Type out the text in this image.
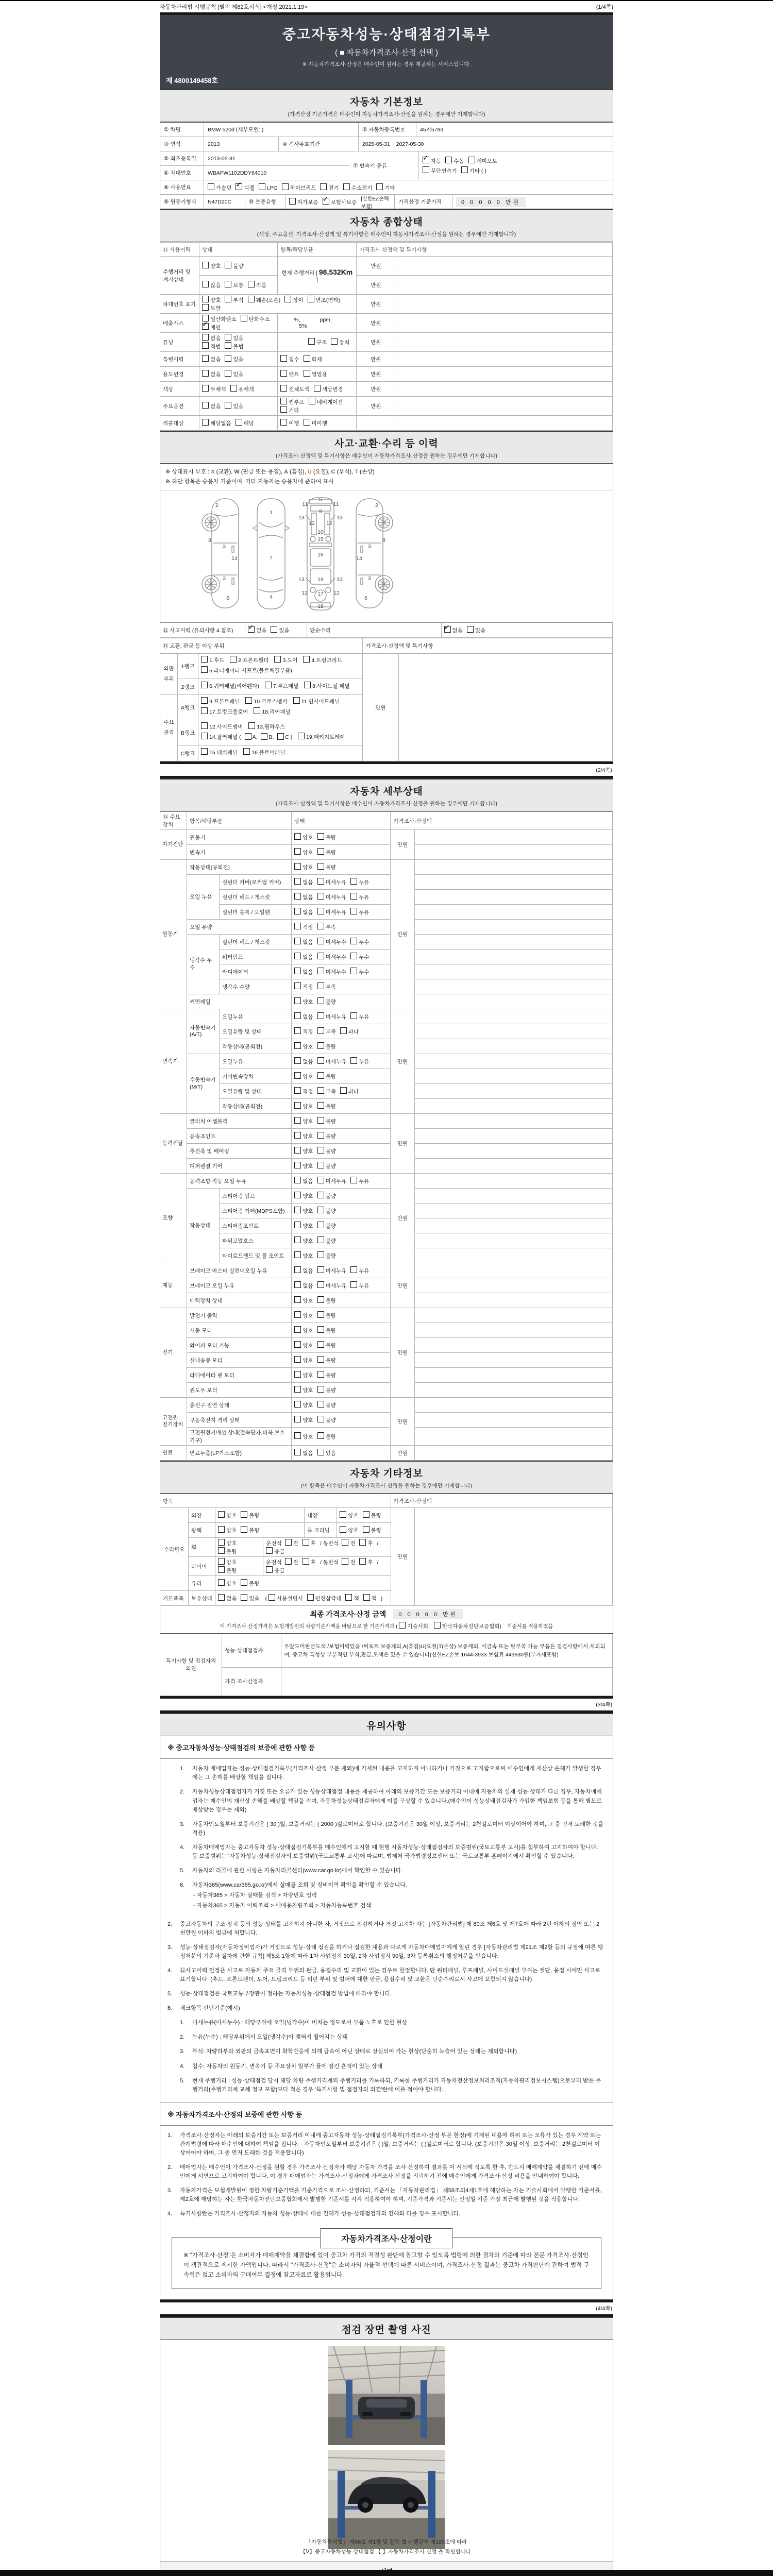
자동차관리법 시행규칙 [별지 제82호서식] <개정 2021.1.19>	(1/4쪽)
중고자동차성능·상태점검기록부
( ■ 자동차가격조사·산정 선택 )
※ 자동차가격조사·산정은 매수인이 원하는 경우 제공하는 서비스입니다.
제 4800149458호
자동차 기본정보
(가격산정 기준가격은 매수인이 자동차가격조사·산정을 원하는 경우에만 기재합니다)
① 차명	BMW 520d (세부모델: )	② 자동차등록번호	45저5783
③ 연식	2013	④ 검사유효기간	2025-05-31 ~ 2027-05-30
⑤ 최초등록일	2013-05-31
⑥ 차대번호	WBAFW1102DDY64010
⑦ 변속기 종류
✓자동 수동 세미오토
무단변속기 기타 ( )
⑧ 사용연료	가솔린 ✓	디젤	LPG	하이브리드	전기	수소전기	기타
⑨ 원동기형식	N47D20C	⑩ 보증유형	자가보증 ✓	보험사보증
[신한EZ손해보험]
가격산정 기준가격	0 0 0 0 0 만원
자동차 종합상태
(색상, 주요옵션, 가격조사·산정액 및 특기사항은 매수인이 자동차가격조사·산정을 원하는 경우에만 기재합니다)
⑪ 사용이력	상태	항목/해당부품	가격조사·산정액 및 특기사항	
주행거리 및 계기상태	양호 불량	현재 주행거리 [ 98,532Km ]	만원	
	많음 보통 적음		만원	
차대번호 표기	양호 부식 훼손(오손) 상이 변조(변타)도말		만원	
배출가스	일산화탄소 탄화수소✓매연	%, ppm,5%	만원	
튜닝	없음 있음적법 불법	구조 장치	만원	
특별이력	없음 있음	침수 화재	만원	
용도변경	없음 있음	렌트 영업용	만원	
색상	무채색 유채색	전체도색 색상변경	만원	
주요옵션	없음 있음	썬루프 네비게이션기타	만원	
리콜대상	해당없음 해당	이행 미이행		
사고·교환·수리 등 이력
(가격조사·산정액 및 특기사항은 매수인이 자동차가격조사·산정을 원하는 경우에만 기재합니다)
※ 상태표시 부호 : X (교환), W (판금 또는 용접), A (흠집), U (요철), C (부식), T (손상)
※ 하단 항목은 승용차 기준이며, 기타 자동차는 승용차에 준하여 표시
2
8
3
14
3
6
1
7
4
5
11	11
9
13	13
12 12
10
15
16
13 19 13
12 17 12
18
2
8
3
14
3
6
⑫ 사고이력 (유의사항 4.참조)	✓없음 있음	단순수리	✓없음 있음
⑬ 교환, 판금 등 이상 부위	가격조사·산정액 및 특기사항
외판부위	1랭크	1.후드 2.프론트휀더 3.도어 4.트렁크리드 5.라디에이터 서포트(볼트체결부품)	만원	
	2랭크	6.쿼터패널(리어휀다) 7.루프패널 8.사이드실 패널		
주요골격	A랭크	9.프론트패널 10.크로스멤버 11.인사이드패널 17.트렁크플로어 18.리어패널		
	B랭크	12.사이드멤버 13.휠하우스 14.필러패널 ( A, B, C ) 19.패키지트레이		
	C랭크	15.대쉬패널 16.플로어패널		
(2/4쪽)
자동차 세부상태
(가격조사·산정액 및 특기사항은 매수인이 자동차가격조사·산정을 원하는 경우에만 기재합니다)
⑭ 주요장치	항목/해당부품		상태	가격조사·산정액	
자기진단	원동기		양호 불량	만원	
	변속기		양호 불량		
원동기	작동상태(공회전)		양호 불량	만원	
	오일 누유	실린더 커버(로커암 커버)	없음 미세누유 누유		
		실린더 헤드 / 개스킷	없음 미세누유 누유		
		실린더 블록 / 오일팬	없음 미세누유 누유		
	오일 유량		적정 부족		
	냉각수 누수	실린더 헤드 / 개스킷	없음 미세누수 누수		
		워터펌프	없음 미세누수 누수		
		라디에이터	없음 미세누수 누수		
		냉각수 수량	적정 부족		
	커먼레일		양호 불량		
변속기	자동변속기 (A/T)	오일누유	없음 미세누유 누유	만원	
		오일유량 및 상태	적정 부족 과다		
		작동상태(공회전)	양호 불량		
	수동변속기 (M/T)	오일누유	없음 미세누유 누유		
		기어변속장치	양호 불량		
		오일유량 및 상태	적정 부족 과다		
		작동상태(공회전)	양호 불량		
동력전달	클러치 어셈블리		양호 불량	만원	
	등속죠인트		양호 불량		
	추진축 및 베어링		양호 불량		
	디퍼렌셜 기어		양호 불량		
조향	동력조향 작동 오일 누유		없음 미세누유 누유	만원	
	작동상태	스티어링 펌프	양호 불량		
		스티어링 기어(MDPS포함)	양호 불량		
		스티어링조인트	양호 불량		
		파워고압호스	양호 불량		
		타이로드엔드 및 볼 조인트	양호 불량		
제동	브레이크 마스터 실린더오일 누유		없음 미세누유 누유	만원	
	브레이크 오일 누유		없음 미세누유 누유		
	배력장치 상태		양호 불량		
전기	발전기 출력		양호 불량	만원	
	시동 모터		양호 불량		
	와이퍼 모터 기능		양호 불량		
	실내송풍 모터		양호 불량		
	라디에이터 팬 모터		양호 불량		
	윈도우 모터		양호 불량		
고전원 전기장치	충전구 절연 상태		양호 불량	만원	
	구동축전지 격리 상태		양호 불량		
	고전원전기배선 상태(접속단자,피복,보호기구)		양호 불량		
연료	연료누출(LP가스포함)		없음 있음	만원	
자동차 기타정보
(이 항목은 매수인이 자동차가격조사·산정을 원하는 경우에만 기재합니다)
항목						가격조사·산정액	
수리필요	외장	양호 불량		내장	양호 불량	만원	
	광택	양호 불량		룸 크리닝	양호 불량		
	휠	양호불량	운전석 전 후 / 동반석 전 후 /응급				
	타이어	양호불량	운전석 전 후 / 동반석 전 후 /응급				
	유리	양호 불량					
기본품목	보유상태	없음 있음 ( 사용설명서 안전삼각대 잭 잭 )					
최종 가격조사·산정 금액	0 0 0 0 0 만원
이 가격조사·산정가격은 보험개발원의 차량기준가액을 바탕으로 한 기준가격과 ( 기술사회, 한국자동차진단보증협회) 기준서를 적용하였음
특기사항 및 점검자의 의견	성능·상태점검자	우앞도어판금도색 /보험이력있음 /써포트 보증제외,A(흠집)U(요철)T(손상) 보증제외, 비금속 또는 탈부착 가능 부품은 점검사항에서 제외되며, 중고차 특성상 부분적인 부식,판금,도색은 있을 수 있습니다(신한EZ손보 1644-3933 보험료 443630원(부가세포함)
	가격·조사산정자	
(3/4쪽)
유의사항
※ 중고자동차성능·상태점검의 보증에 관한 사항 등
1.	자동차 매매업자는 성능·상태점검기록부(가격조사·산정 부분 제외)에 기재된 내용을 고지하지 아니하거나 거짓으로 고지함으로써 매수인에게 재산상 손해가 발생한 경우에는 그 손해를 배상할 책임을 집니다.
2.	자동차성능상태점검자가 거짓 또는 오류가 있는 성능상태점검 내용을 제공하여 아래의 보증기간 또는 보증거리 이내에 자동차의 실제 성능·상태가 다른 경우, 자동차매매업자는 매수인의 재산상 손해를 배상할 책임을 지며, 자동차성능상태점검자에게 이를 구상할 수 있습니다.(매수인이 성능상태점검자가 가입한 책임보험 등을 통해 별도로 배상받는 경우는 제외)
3.	자동차인도일부터 보증기간은 ( 30 )일, 보증거리는 ( 2000 )킬로미터로 합니다. (보증기간은 30일 이상, 보증거리는 2천킬로미터 이상이어야 하며, 그 중 먼저 도래한 것을 적용)
4.	자동차매매업자는 중고자동차 성능·상태점검기록부를 매수인에게 고지할 때 현행 자동차성능·상태점검자의 보증범위(국토교통부 고시)를 첨부하여 고지하여야 합니다. 동 보증범위는 '자동차성능·상태점검자의 보증범위'(국토교통부 고시)에 따르며, 법제처 국가법령정보센터 또는 국토교통부 홈페이지에서 확인할 수 있습니다.
5.	자동차의 리콜에 관한 사항은 자동차리콜센터(www.car.go.kr)에서 확인할 수 있습니다.
6.	자동차365(www.car365.go.kr)에서 실매물 조회 및 정비이력 확인을 확인할 수 있습니다.
- 자동차365 > 자동차 실매물 검색 > 차량번호 입력
- 자동차365 > 자동차 이력조회 > 매매용차량조회 > 자동차등록번호 검색
2.	중고자동차의 구조·장치 등의 성능·상태를 고지하지 아니한 자, 거짓으로 점검하거나 거짓 고지한 자는 [자동차관리법] 제 80조 제6호 및 제7호에 따라 2년 이하의 징역 또는 2천만원 이하의 벌금에 처합니다.
3.	성능·상태점검자(자동차정비업자)가 거짓으로 성능·상태 점검을 하거나 점검한 내용과 다르게 자동차매매업자에게 알린 경우 [자동차관리법 제21조 제2항 등의 규정에 따른 행정처분의 기준과 절차에 관한 규칙] 제5조 1항에 따라 1차 사업정지 30일, 2차 사업정지 90일, 3차 등록취소의 행정처분을 받습니다.
4.	⑫사고이력 인정은 사고로 자동차 주요 골격 부위의 판금, 용접수리 및 교환이 있는 경우로 한정합니다. 단 쿼터패널, 루프패널, 사이드실패널 부위는 절단, 용접 시에만 사고로 표기합니다. (후드, 프론트펜더, 도어, 트렁크리드 등 외판 부위 및 범퍼에 대한 판금, 용접수리 및 교환은 단순수리로서 사고에 포함되지 않습니다)
5.	성능·상태점검은 국토교통부장관이 정하는 자동차성능·상태점검 방법에 따라야 합니다.
6.	체크항목 판단기준(예시)
1.	미세누유(미세누수) : 해당부위에 오일(냉각수)이 비치는 정도로서 부품 노후로 인한 현상
2.	누유(누수) : 해당부위에서 오일(냉각수)이 맺혀서 떨어지는 상태
3.	부식: 차량하부와 외판의 금속표면이 화학반응에 의해 금속이 아닌 상태로 상실되어 가는 현상(단순히 녹슬어 있는 상태는 제외합니다)
4.	침수: 자동차의 원동기, 변속기 등 주요장치 일부가 물에 잠긴 흔적이 있는 상태
5.	현재 주행거리 : 성능·상태점검 당시 해당 차량 주행거리계의 주행거리를 기록하되, 기록한 주행거리가 자동차전산정보처리조직(자동차관리정보시스템)으로부터 받은 주행거리(주행거리계 교체 정보 포함)보다 적은 경우 '특기사항 및 점검자의 의견'란에 이를 적어야 합니다.
※ 자동차가격조사·산정의 보증에 관한 사항 등
1.	가격조사·산정자는 아래의 보증기간 또는 보증거리 이내에 중고자동차 성능·상태점검기록부(가격조사·산정 부분 한정)에 기재된 내용에 허위 또는 오류가 있는 경우 계약 또는 관계법령에 따라 매수인에 대하여 책임을 집니다. · 자동차인도일부터 보증기간은 ( )일, 보증거리는 ( )킬로미터로 합니다. (보증기간은 30일 이상, 보증거리는 2천킬로미터 이상이어야 하며, 그 중 먼저 도래한 것을 적용합니다)
2.	매매업자는 매수인이 가격조사·산정을 원할 경우 가격조사·산정자가 해당 자동차 가격을 조사·산정하여 결과를 이 서식에 적도록 한 후, 반드시 매매계약을 체결하기 전에 매수인에게 서면으로 고지하여야 합니다. 이 경우 매매업자는 가격조사·산정자에게 가격조사·산정을 의뢰하기 전에 매수인에게 가격조사·산정 비용을 안내하여야 합니다.
3.	자동차가격은 보험개발원이 정한 차량기준가액을 기준가격으로 조사·산정하되, 기준서는 「자동차관리법」 제58조의4제1호에 해당하는 자는 기술사회에서 발행한 기준서를, 제2호에 해당하는 자는 한국자동차진단보증협회에서 발행한 기준서를 각각 적용하여야 하며, 기준가격과 기준서는 산정일 기준 가장 최근에 발행된 것을 적용합니다.
4.	특기사항란은 가격조사·산정자의 자동차 성능·상태에 대한 견해가 성능·상태점검자의 견해와 다를 경우 표시합니다.
자동차가격조사·산정이란
※ "가격조사·산정"은 소비자가 매매계약을 체결함에 있어 중고차 가격의 적절성 판단에 참고할 수 있도록 법령에 의한 절차와 기준에 따라 전문 가격조사·산정인이 객관적으로 제시한 가액입니다. 따라서 "가격조사·산정"은 소비자의 자율적 선택에 따른 서비스이며, 가격조사·산정 결과는 중고차 가격판단에 관하여 법적 구속력은 없고 소비자의 구매여부 결정에 참고자료로 활용됩니다.
(4/4쪽)
점검 장면 촬영 사진
「자동차관리법」 제58조 제1항 및 같은 법 시행규칙 제120조에 따라
【Ⅴ】중고자동차성능·상태점검 【 】자동차가격조사·산정 을 확인합니다.
